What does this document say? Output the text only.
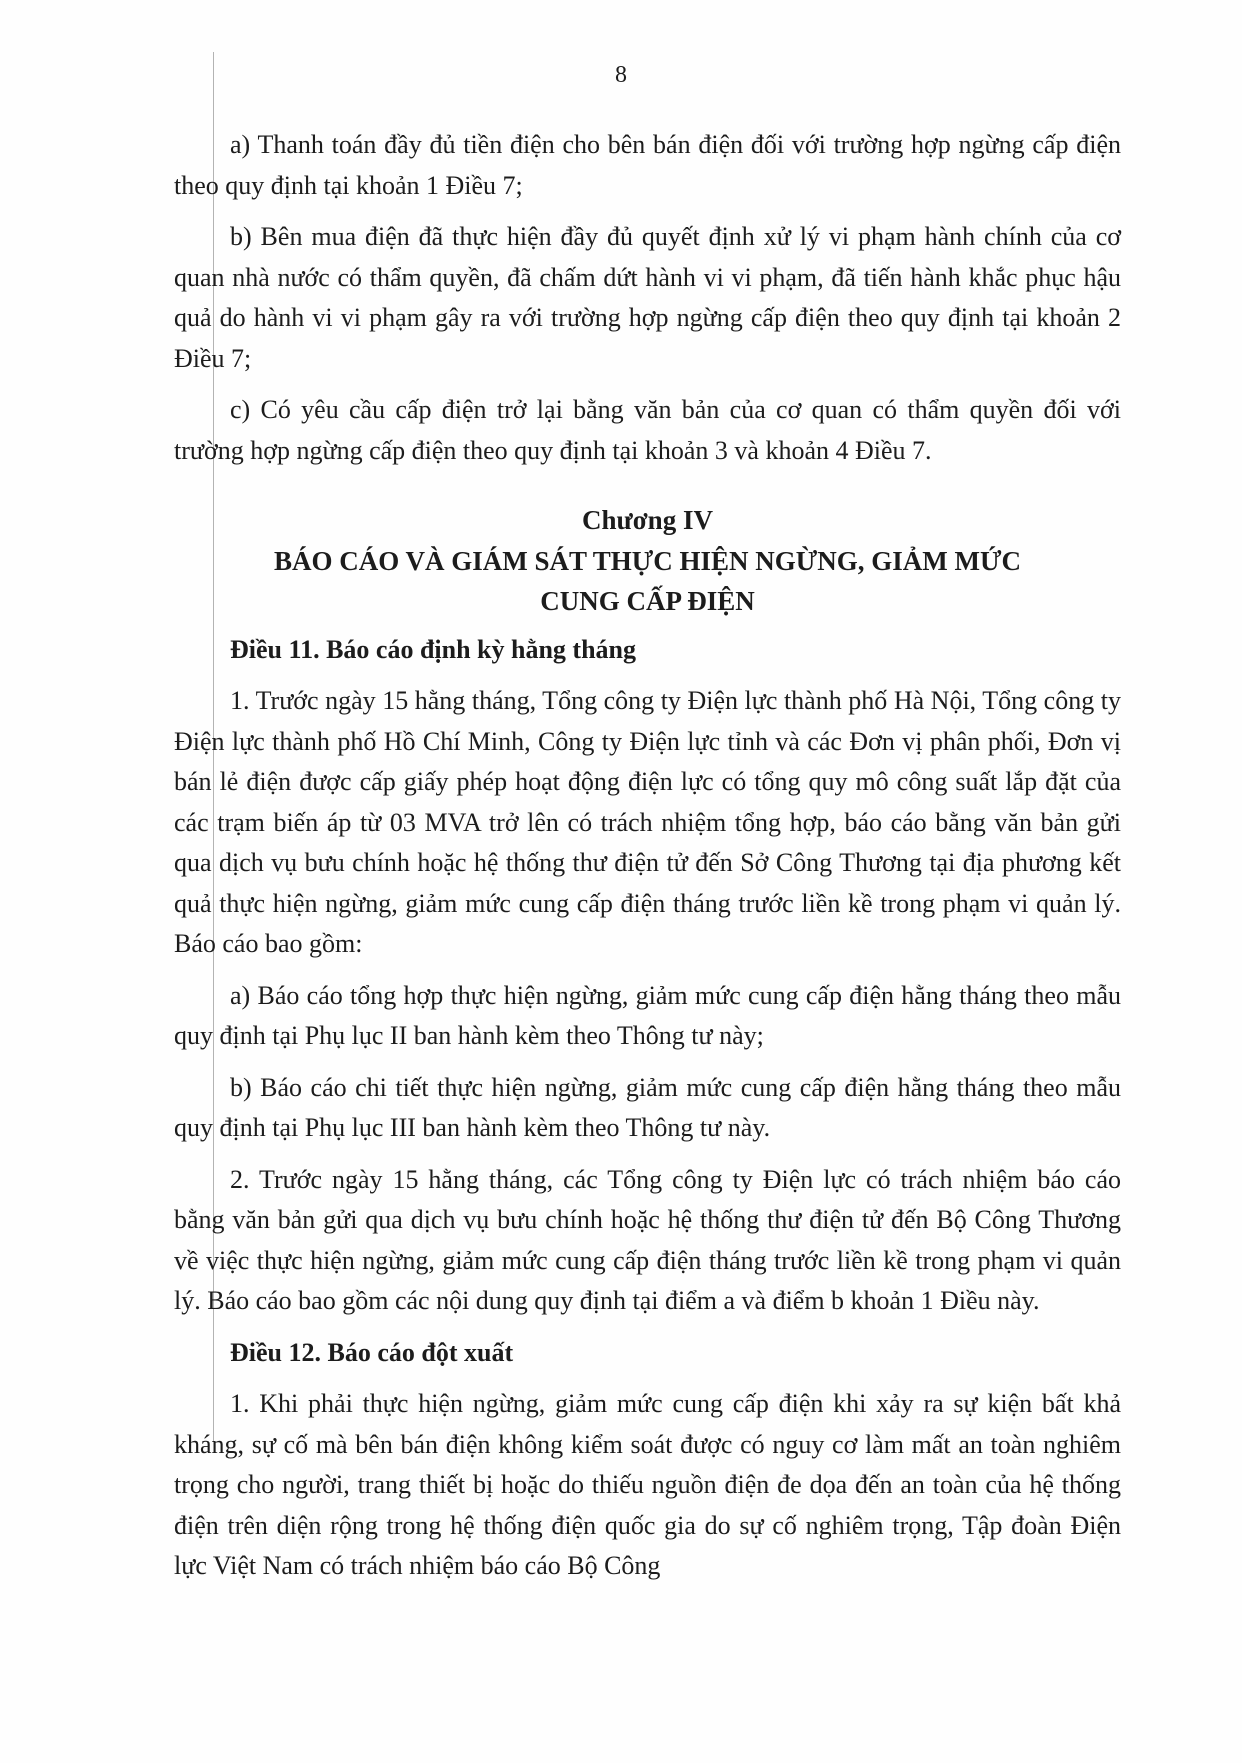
8

a) Thanh toán đầy đủ tiền điện cho bên bán điện đối với trường hợp ngừng cấp điện theo quy định tại khoản 1 Điều 7;

b) Bên mua điện đã thực hiện đầy đủ quyết định xử lý vi phạm hành chính của cơ quan nhà nước có thẩm quyền, đã chấm dứt hành vi vi phạm, đã tiến hành khắc phục hậu quả do hành vi vi phạm gây ra với trường hợp ngừng cấp điện theo quy định tại khoản 2 Điều 7;

c) Có yêu cầu cấp điện trở lại bằng văn bản của cơ quan có thẩm quyền đối với trường hợp ngừng cấp điện theo quy định tại khoản 3 và khoản 4 Điều 7.

Chương IV
BÁO CÁO VÀ GIÁM SÁT THỰC HIỆN NGỪNG, GIẢM MỨC CUNG CẤP ĐIỆN
Điều 11. Báo cáo định kỳ hằng tháng

1. Trước ngày 15 hằng tháng, Tổng công ty Điện lực thành phố Hà Nội, Tổng công ty Điện lực thành phố Hồ Chí Minh, Công ty Điện lực tỉnh và các Đơn vị phân phối, Đơn vị bán lẻ điện được cấp giấy phép hoạt động điện lực có tổng quy mô công suất lắp đặt của các trạm biến áp từ 03 MVA trở lên có trách nhiệm tổng hợp, báo cáo bằng văn bản gửi qua dịch vụ bưu chính hoặc hệ thống thư điện tử đến Sở Công Thương tại địa phương kết quả thực hiện ngừng, giảm mức cung cấp điện tháng trước liền kề trong phạm vi quản lý. Báo cáo bao gồm:

a) Báo cáo tổng hợp thực hiện ngừng, giảm mức cung cấp điện hằng tháng theo mẫu quy định tại Phụ lục II ban hành kèm theo Thông tư này;

b) Báo cáo chi tiết thực hiện ngừng, giảm mức cung cấp điện hằng tháng theo mẫu quy định tại Phụ lục III ban hành kèm theo Thông tư này.

2. Trước ngày 15 hằng tháng, các Tổng công ty Điện lực có trách nhiệm báo cáo bằng văn bản gửi qua dịch vụ bưu chính hoặc hệ thống thư điện tử đến Bộ Công Thương về việc thực hiện ngừng, giảm mức cung cấp điện tháng trước liền kề trong phạm vi quản lý. Báo cáo bao gồm các nội dung quy định tại điểm a và điểm b khoản 1 Điều này.

Điều 12. Báo cáo đột xuất

1. Khi phải thực hiện ngừng, giảm mức cung cấp điện khi xảy ra sự kiện bất khả kháng, sự cố mà bên bán điện không kiểm soát được có nguy cơ làm mất an toàn nghiêm trọng cho người, trang thiết bị hoặc do thiếu nguồn điện đe dọa đến an toàn của hệ thống điện trên diện rộng trong hệ thống điện quốc gia do sự cố nghiêm trọng, Tập đoàn Điện lực Việt Nam có trách nhiệm báo cáo Bộ Công
